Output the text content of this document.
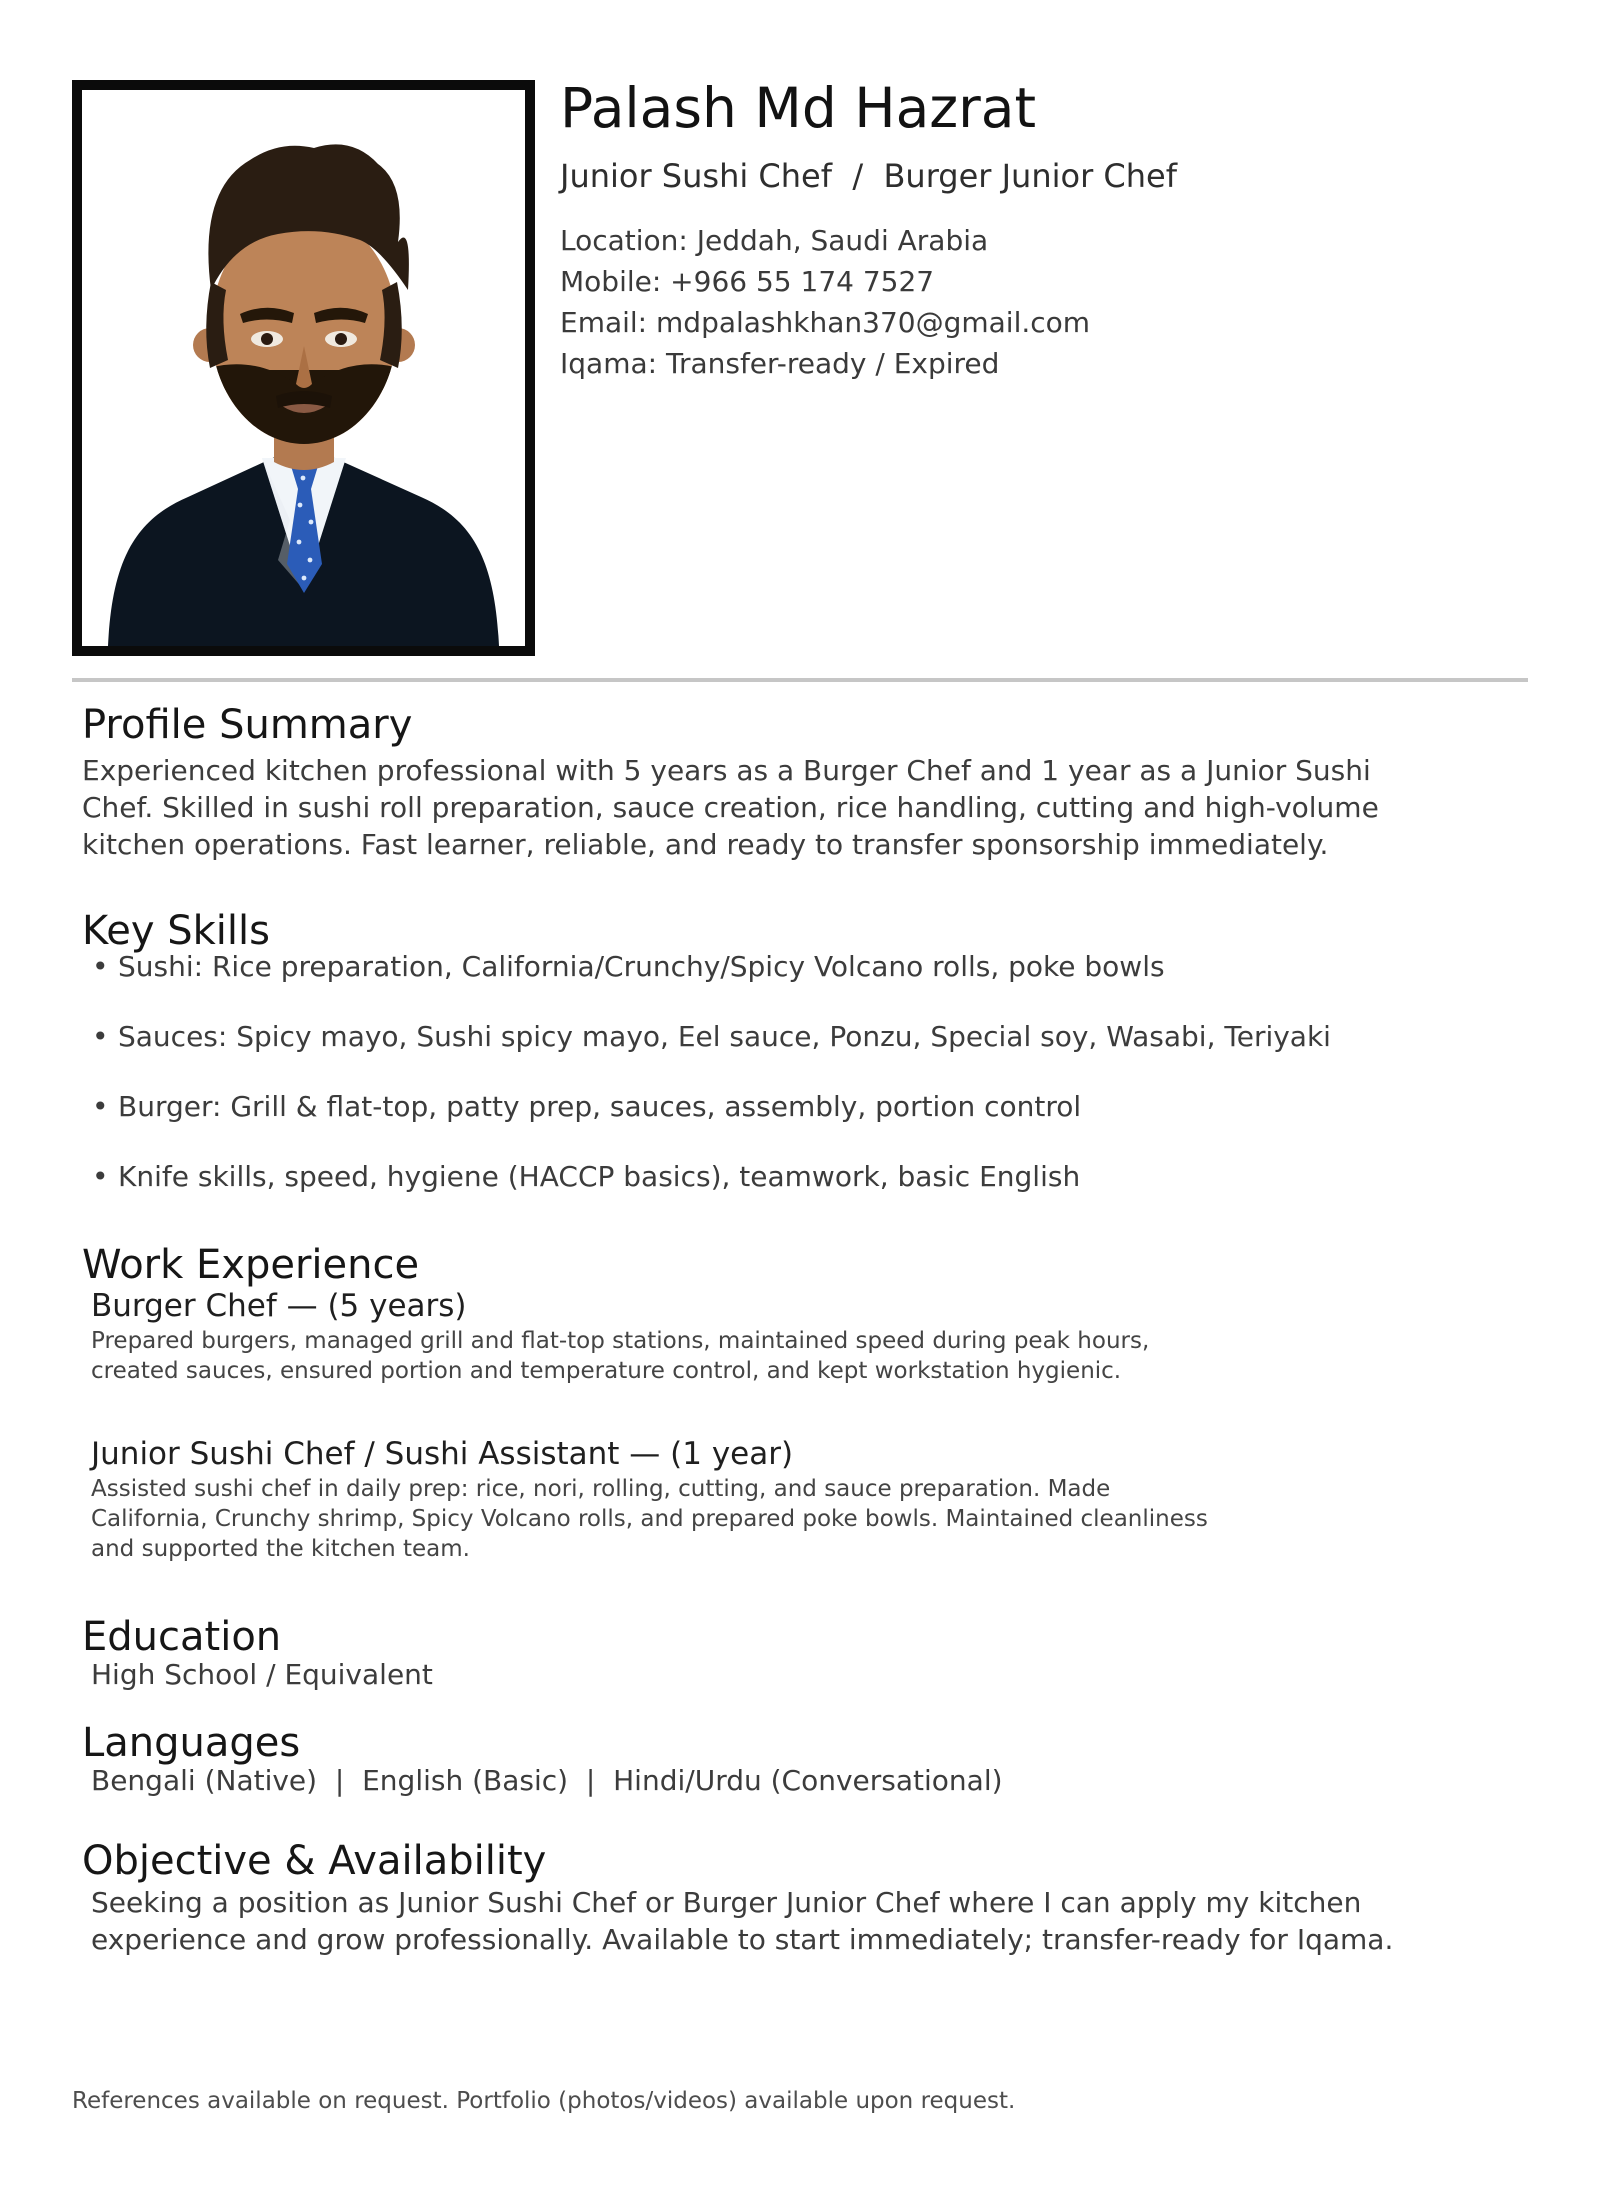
Palash Md Hazrat
Junior Sushi Chef  /  Burger Junior Chef
Location: Jeddah, Saudi Arabia
Mobile: +966 55 174 7527
Email: mdpalashkhan370@gmail.com
Iqama: Transfer-ready / Expired
Profile Summary
Experienced kitchen professional with 5 years as a Burger Chef and 1 year as a Junior Sushi
Chef. Skilled in sushi roll preparation, sauce creation, rice handling, cutting and high-volume
kitchen operations. Fast learner, reliable, and ready to transfer sponsorship immediately.
Key Skills
• Sushi: Rice preparation, California/Crunchy/Spicy Volcano rolls, poke bowls
• Sauces: Spicy mayo, Sushi spicy mayo, Eel sauce, Ponzu, Special soy, Wasabi, Teriyaki
• Burger: Grill & flat-top, patty prep, sauces, assembly, portion control
• Knife skills, speed, hygiene (HACCP basics), teamwork, basic English
Work Experience
Burger Chef — (5 years)
Prepared burgers, managed grill and flat-top stations, maintained speed during peak hours,
created sauces, ensured portion and temperature control, and kept workstation hygienic.
Junior Sushi Chef / Sushi Assistant — (1 year)
Assisted sushi chef in daily prep: rice, nori, rolling, cutting, and sauce preparation. Made
California, Crunchy shrimp, Spicy Volcano rolls, and prepared poke bowls. Maintained cleanliness
and supported the kitchen team.
Education
High School / Equivalent
Languages
Bengali (Native)  |  English (Basic)  |  Hindi/Urdu (Conversational)
Objective & Availability
Seeking a position as Junior Sushi Chef or Burger Junior Chef where I can apply my kitchen
experience and grow professionally. Available to start immediately; transfer-ready for Iqama.
References available on request. Portfolio (photos/videos) available upon request.
